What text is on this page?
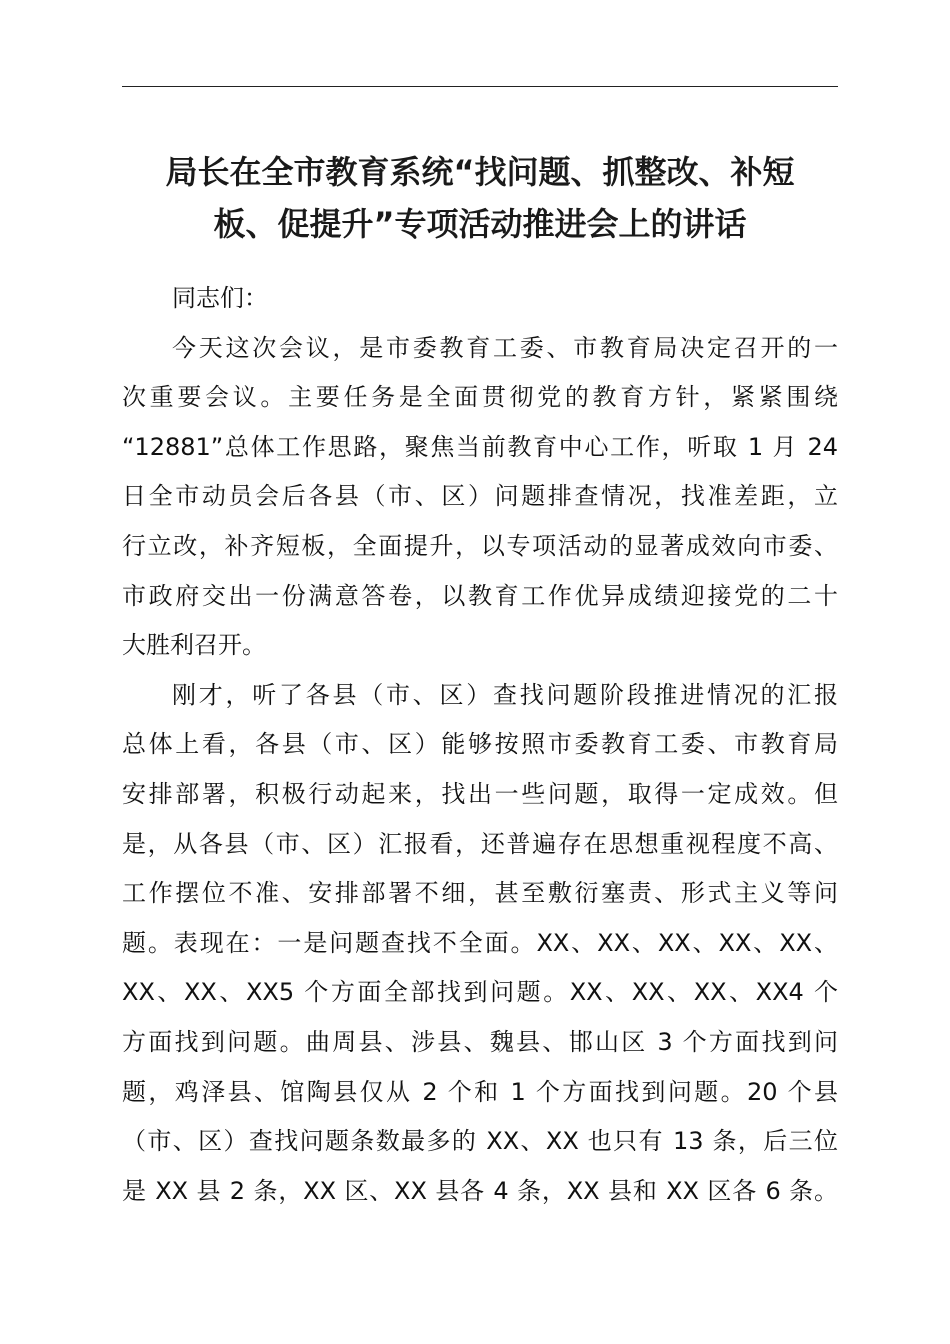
局长在全市教育系统“找问题、抓整改、补短
板、促提升”专项活动推进会上的讲话
同志们：
今天这次会议，是市委教育工委、市教育局决定召开的一
次重要会议。主要任务是全面贯彻党的教育方针，紧紧围绕
“12881”总体工作思路，聚焦当前教育中心工作，听取 1 月 24
日全市动员会后各县（市、区）问题排查情况，找准差距，立
行立改，补齐短板，全面提升，以专项活动的显著成效向市委、
市政府交出一份满意答卷，以教育工作优异成绩迎接党的二十
大胜利召开。
刚才，听了各县（市、区）查找问题阶段推进情况的汇报
总体上看，各县（市、区）能够按照市委教育工委、市教育局
安排部署，积极行动起来，找出一些问题，取得一定成效。但
是，从各县（市、区）汇报看，还普遍存在思想重视程度不高、
工作摆位不准、安排部署不细，甚至敷衍塞责、形式主义等问
题。表现在：一是问题查找不全面。XX、XX、XX、XX、XX、
XX、XX、XX5 个方面全部找到问题。XX、XX、XX、XX4 个
方面找到问题。曲周县、涉县、魏县、邯山区 3 个方面找到问
题，鸡泽县、馆陶县仅从 2 个和 1 个方面找到问题。20 个县
（市、区）查找问题条数最多的 XX、XX 也只有 13 条，后三位
是 XX 县 2 条，XX 区、XX 县各 4 条，XX 县和 XX 区各 6 条。
